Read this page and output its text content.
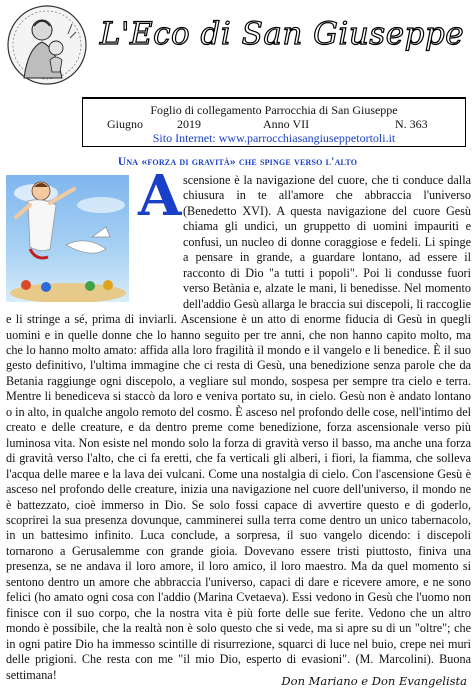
L'Eco di San Giuseppe
Foglio di collegamento Parrocchia di San Giuseppe
Giugno	2019	Anno VII	N. 363
Sito Internet: www.parrocchiasangiuseppetortoli.it
Una «forza di gravità» che spinge verso l'alto
A scensione è la navigazione del cuore, che ti conduce dalla chiusura in te all'amore che abbraccia l'universo (Benedetto XVI). A questa navigazione del cuore Gesù chiama gli undici, un gruppetto di uomini impauriti e confusi, un nucleo di donne coraggiose e fedeli. Li spinge a pensare in grande, a guardare lontano, ad essere il racconto di Dio "a tutti i popoli". Poi li condusse fuori verso Betània e, alzate le mani, li benedisse. Nel momento dell'addio Gesù allarga le braccia sui discepoli, li raccoglie e li stringe a sé, prima di inviarli. Ascensione è un atto di enorme fiducia di Gesù in quegli uomini e in quelle donne che lo hanno seguito per tre anni, che non hanno capito molto, ma che lo hanno molto amato: affida alla loro fragilità il mondo e il vangelo e li benedice. È il suo gesto definitivo, l'ultima immagine che ci resta di Gesù, una benedizione senza parole che da Betania raggiunge ogni discepolo, a vegliare sul mondo, sospesa per sempre tra cielo e terra. Mentre li benediceva si staccò da loro e veniva portato su, in cielo. Gesù non è andato lontano o in alto, in qualche angolo remoto del cosmo. È asceso nel profondo delle cose, nell'intimo del creato e delle creature, e da dentro preme come benedizione, forza ascensionale verso più luminosa vita. Non esiste nel mondo solo la forza di gravità verso il basso, ma anche una forza di gravità verso l'alto, che ci fa eretti, che fa verticali gli alberi, i fiori, la fiamma, che solleva l'acqua delle maree e la lava dei vulcani. Come una nostalgia di cielo. Con l'ascensione Gesù è asceso nel profondo delle creature, inizia una navigazione nel cuore dell'universo, il mondo ne è battezzato, cioè immerso in Dio. Se solo fossi capace di avvertire questo e di goderlo, scoprirei la sua presenza dovunque, camminerei sulla terra come dentro un unico tabernacolo, in un battesimo infinito. Luca conclude, a sorpresa, il suo vangelo dicendo: i discepoli tornarono a Gerusalemme con grande gioia. Dovevano essere tristi piuttosto, finiva una presenza, se ne andava il loro amore, il loro amico, il loro maestro. Ma da quel momento si sentono dentro un amore che abbraccia l'universo, capaci di dare e ricevere amore, e ne sono felici (ho amato ogni cosa con l'addio (Marina Cvetaeva). Essi vedono in Gesù che l'uomo non finisce con il suo corpo, che la nostra vita è più forte delle sue ferite. Vedono che un altro mondo è possibile, che la realtà non è solo questo che si vede, ma si apre su di un "oltre"; che in ogni patire Dio ha immesso scintille di risurrezione, squarci di luce nel buio, crepe nei muri delle prigioni. Che resta con me "il mio Dio, esperto di evasioni". (M. Marcolini). Buona settimana!	Don Mariano e Don Evangelista
